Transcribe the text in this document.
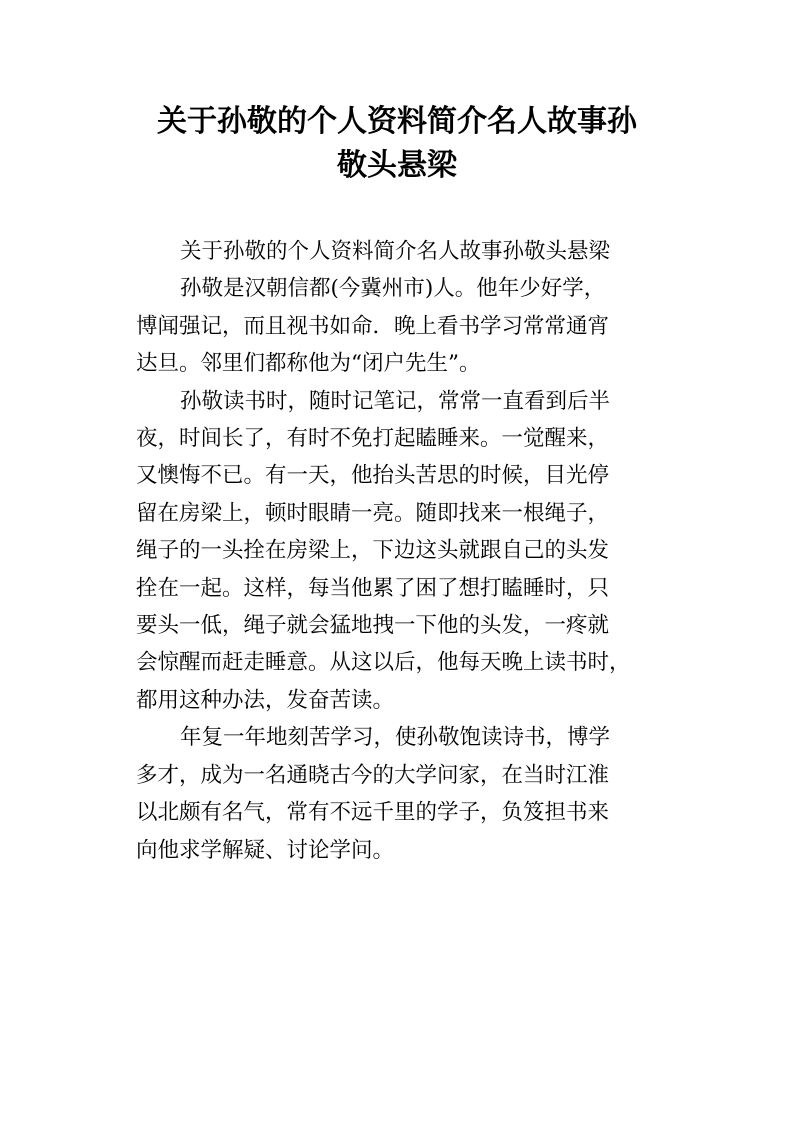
关于孙敬的个人资料简介名人故事孙
敬头悬梁

关于孙敬的个人资料简介名人故事孙敬头悬梁

孙敬是汉朝信都(今冀州市)人。他年少好学，
博闻强记，而且视书如命．晚上看书学习常常通宵
达旦。邻里们都称他为“闭户先生”。

孙敬读书时，随时记笔记，常常一直看到后半
夜，时间长了，有时不免打起瞌睡来。一觉醒来，
又懊悔不已。有一天，他抬头苦思的时候，目光停
留在房梁上，顿时眼睛一亮。随即找来一根绳子，
绳子的一头拴在房梁上，下边这头就跟自己的头发
拴在一起。这样，每当他累了困了想打瞌睡时，只
要头一低，绳子就会猛地拽一下他的头发，一疼就
会惊醒而赶走睡意。从这以后，他每天晚上读书时，
都用这种办法，发奋苦读。

年复一年地刻苦学习，使孙敬饱读诗书，博学
多才，成为一名通晓古今的大学问家，在当时江淮
以北颇有名气，常有不远千里的学子，负笈担书来
向他求学解疑、讨论学问。
